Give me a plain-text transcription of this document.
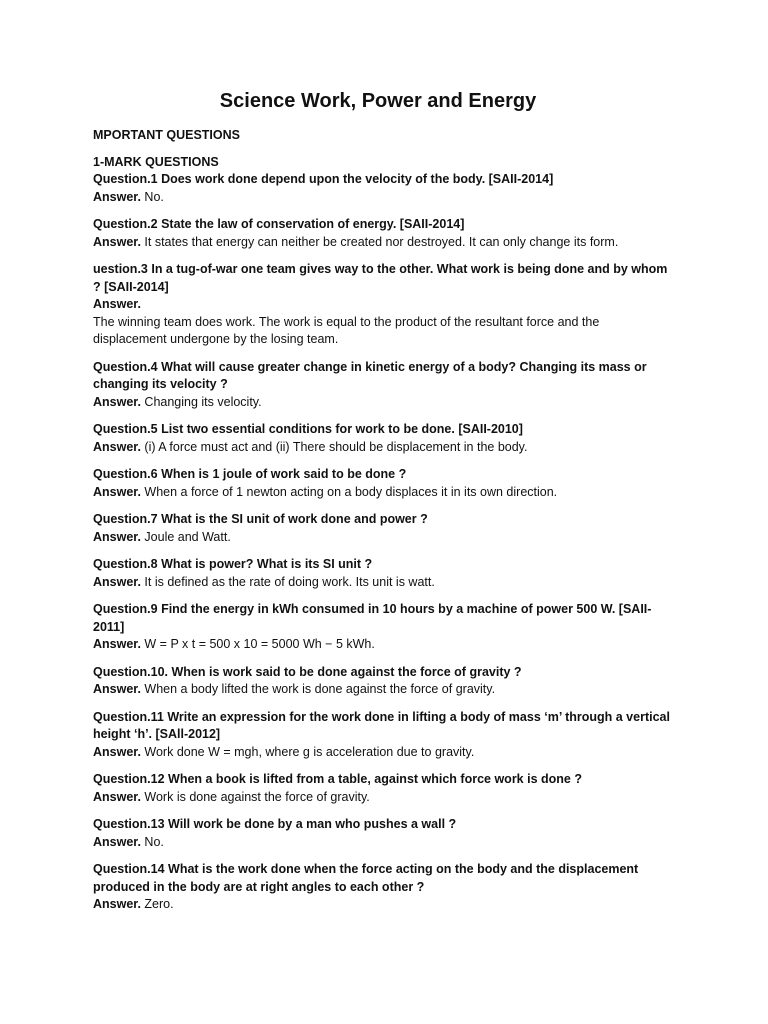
Science Work, Power and Energy
MPORTANT QUESTIONS
1-MARK QUESTIONS

Question.1 Does work done depend upon the velocity of the body. [SAII-2014]

Answer. No.

Question.2 State the law of conservation of energy. [SAII-2014]

Answer. It states that energy can neither be created nor destroyed. It can only change its form.

uestion.3 In a tug-of-war one team gives way to the other. What work is being done and by whom ? [SAII-2014]

Answer.
The winning team does work. The work is equal to the product of the resultant force and the displacement undergone by the losing team.

Question.4 What will cause greater change in kinetic energy of a body? Changing its mass or changing its velocity ?

Answer. Changing its velocity.

Question.5 List two essential conditions for work to be done. [SAII-2010]

Answer. (i) A force must act and (ii) There should be displacement in the body.

Question.6 When is 1 joule of work said to be done ?

Answer. When a force of 1 newton acting on a body displaces it in its own direction.

Question.7 What is the SI unit of work done and power ?

Answer. Joule and Watt.

Question.8 What is power? What is its SI unit ?

Answer. It is defined as the rate of doing work. Its unit is watt.

Question.9 Find the energy in kWh consumed in 10 hours by a machine of power 500 W. [SAII-2011]

Answer. W = P x t = 500 x 10 = 5000 Wh − 5 kWh.

Question.10. When is work said to be done against the force of gravity ?

Answer. When a body lifted the work is done against the force of gravity.

Question.11 Write an expression for the work done in lifting a body of mass ‘m’ through a vertical height ‘h’. [SAll-2012]

Answer. Work done W = mgh, where g is acceleration due to gravity.

Question.12 When a book is lifted from a table, against which force work is done ?

Answer. Work is done against the force of gravity.

Question.13 Will work be done by a man who pushes a wall ?

Answer. No.

Question.14 What is the work done when the force acting on the body and the displacement produced in the body are at right angles to each other ?

Answer. Zero.
